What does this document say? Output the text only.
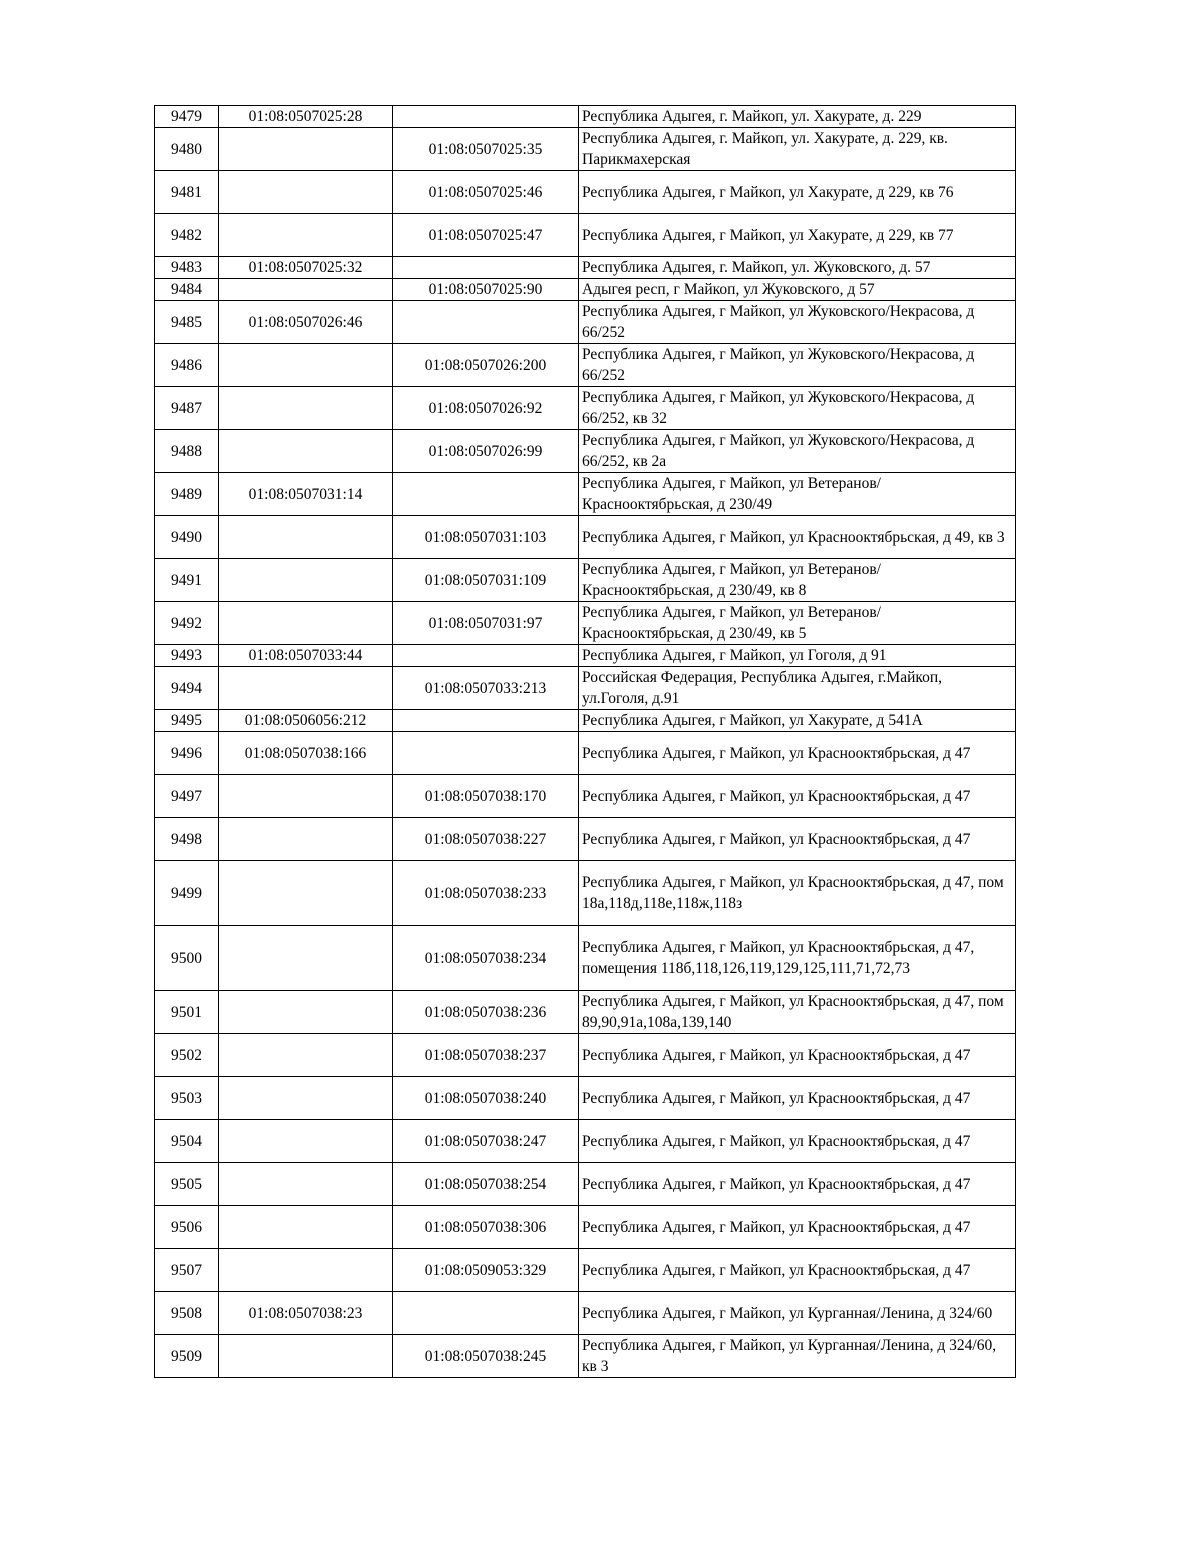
9479	01:08:0507025:28		Республика Адыгея, г. Майкоп, ул. Хакурате, д. 229
9480		01:08:0507025:35	Республика Адыгея, г. Майкоп, ул. Хакурате, д. 229, кв. Парикмахерская
9481		01:08:0507025:46	Республика Адыгея, г Майкоп, ул Хакурате, д 229, кв 76
9482		01:08:0507025:47	Республика Адыгея, г Майкоп, ул Хакурате, д 229, кв 77
9483	01:08:0507025:32		Республика Адыгея, г. Майкоп, ул. Жуковского, д. 57
9484		01:08:0507025:90	Адыгея респ, г Майкоп, ул Жуковского, д 57
9485	01:08:0507026:46		Республика Адыгея, г Майкоп, ул Жуковского/Некрасова, д 66/252
9486		01:08:0507026:200	Республика Адыгея, г Майкоп, ул Жуковского/Некрасова, д 66/252
9487		01:08:0507026:92	Республика Адыгея, г Майкоп, ул Жуковского/Некрасова, д 66/252, кв 32
9488		01:08:0507026:99	Республика Адыгея, г Майкоп, ул Жуковского/Некрасова, д 66/252, кв 2а
9489	01:08:0507031:14		Республика Адыгея, г Майкоп, ул Ветеранов/Краснооктябрьская, д 230/49
9490		01:08:0507031:103	Республика Адыгея, г Майкоп, ул Краснооктябрьская, д 49, кв 3
9491		01:08:0507031:109	Республика Адыгея, г Майкоп, ул Ветеранов/Краснооктябрьская, д 230/49, кв 8
9492		01:08:0507031:97	Республика Адыгея, г Майкоп, ул Ветеранов/Краснооктябрьская, д 230/49, кв 5
9493	01:08:0507033:44		Республика Адыгея, г Майкоп, ул Гоголя, д 91
9494		01:08:0507033:213	Российская Федерация, Республика Адыгея, г.Майкоп, ул.Гоголя, д.91
9495	01:08:0506056:212		Республика Адыгея, г Майкоп, ул Хакурате, д 541А
9496	01:08:0507038:166		Республика Адыгея, г Майкоп, ул Краснооктябрьская, д 47
9497		01:08:0507038:170	Республика Адыгея, г Майкоп, ул Краснооктябрьская, д 47
9498		01:08:0507038:227	Республика Адыгея, г Майкоп, ул Краснооктябрьская, д 47
9499		01:08:0507038:233	Республика Адыгея, г Майкоп, ул Краснооктябрьская, д 47, пом 18а,118д,118е,118ж,118з
9500		01:08:0507038:234	Республика Адыгея, г Майкоп, ул Краснооктябрьская, д 47, помещения 118б,118,126,119,129,125,111,71,72,73
9501		01:08:0507038:236	Республика Адыгея, г Майкоп, ул Краснооктябрьская, д 47, пом 89,90,91а,108а,139,140
9502		01:08:0507038:237	Республика Адыгея, г Майкоп, ул Краснооктябрьская, д 47
9503		01:08:0507038:240	Республика Адыгея, г Майкоп, ул Краснооктябрьская, д 47
9504		01:08:0507038:247	Республика Адыгея, г Майкоп, ул Краснооктябрьская, д 47
9505		01:08:0507038:254	Республика Адыгея, г Майкоп, ул Краснооктябрьская, д 47
9506		01:08:0507038:306	Республика Адыгея, г Майкоп, ул Краснооктябрьская, д 47
9507		01:08:0509053:329	Республика Адыгея, г Майкоп, ул Краснооктябрьская, д 47
9508	01:08:0507038:23		Республика Адыгея, г Майкоп, ул Курганная/Ленина, д 324/60
9509		01:08:0507038:245	Республика Адыгея, г Майкоп, ул Курганная/Ленина, д 324/60, кв 3
